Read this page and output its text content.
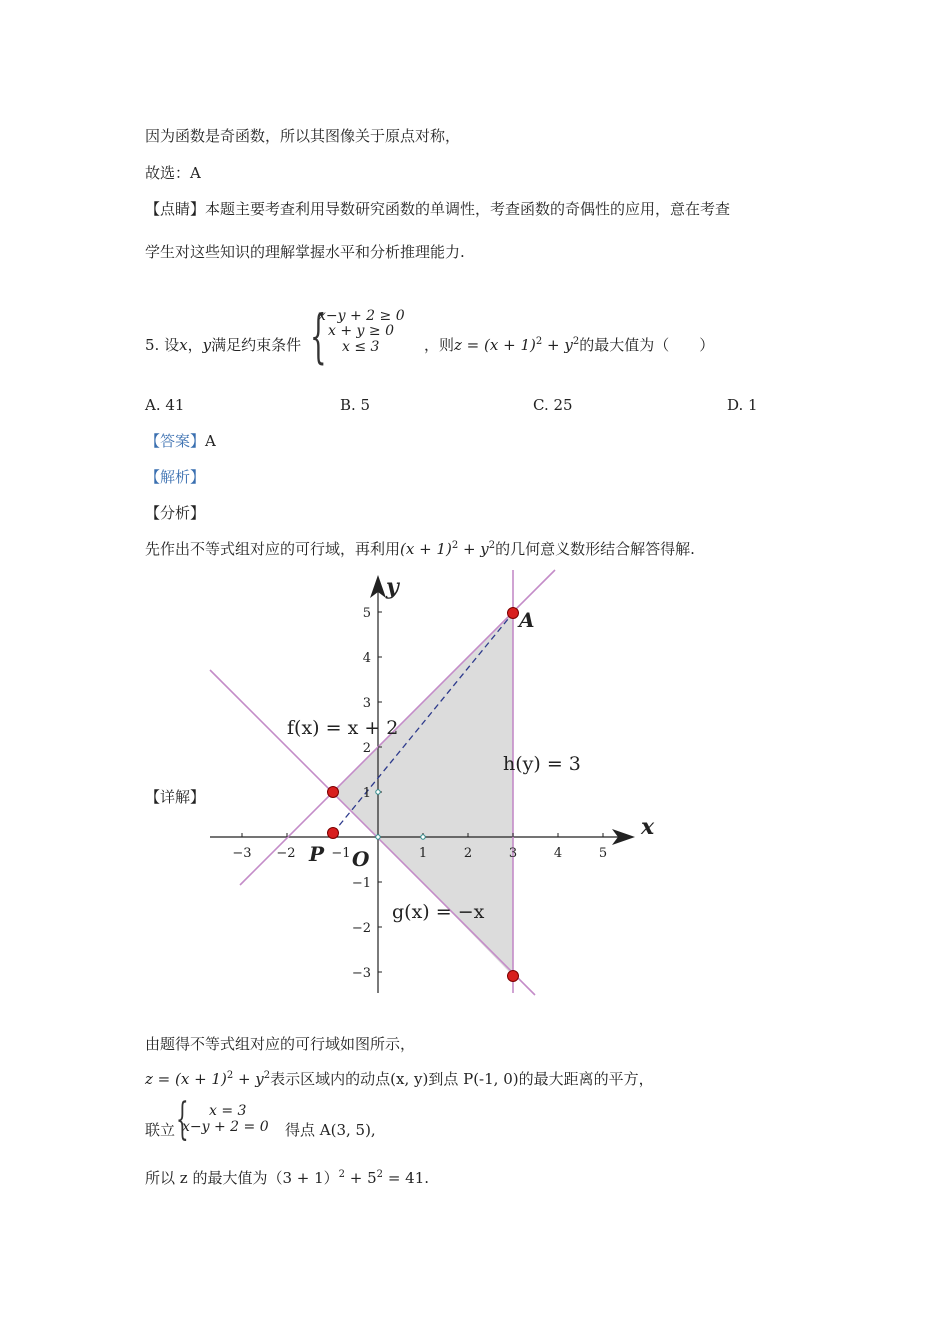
因为函数是奇函数，所以其图像关于原点对称，
故选：A
【点睛】本题主要考查利用导数研究函数的单调性，考查函数的奇偶性的应用，意在考查
学生对这些知识的理解掌握水平和分析推理能力.
5. 设x，y满足约束条件 {
x−y + 2 ≥ 0
x + y ≥ 0
x ≤ 3	，则$z = (x + 1)^2 + y^2$的最大值为（　　）
A. 41	B. 5	C. 25	D. 1
【答案】A
【解析】
【分析】
先作出不等式组对应的可行域，再利用$(x + 1)^2 + y^2$的几何意义数形结合解答得解.
【详解】
−3 −2	−1	1	2	3	4	5
5
4
3
2
1
−1
−2
−3
x
y
O
A
P
f(x) = x + 2
g(x) = −x
h(y) = 3
由题得不等式组对应的可行域如图所示，
$z = (x + 1)^2 + y^2$表示区域内的动点(x, y)到点 P(-1, 0)的最大距离的平方，
联立 { x = 3
x−y + 2 = 0 得点 A(3, 5),
所以 z 的最大值为$(3 + 1)^2 + 5^2 = 41$.
